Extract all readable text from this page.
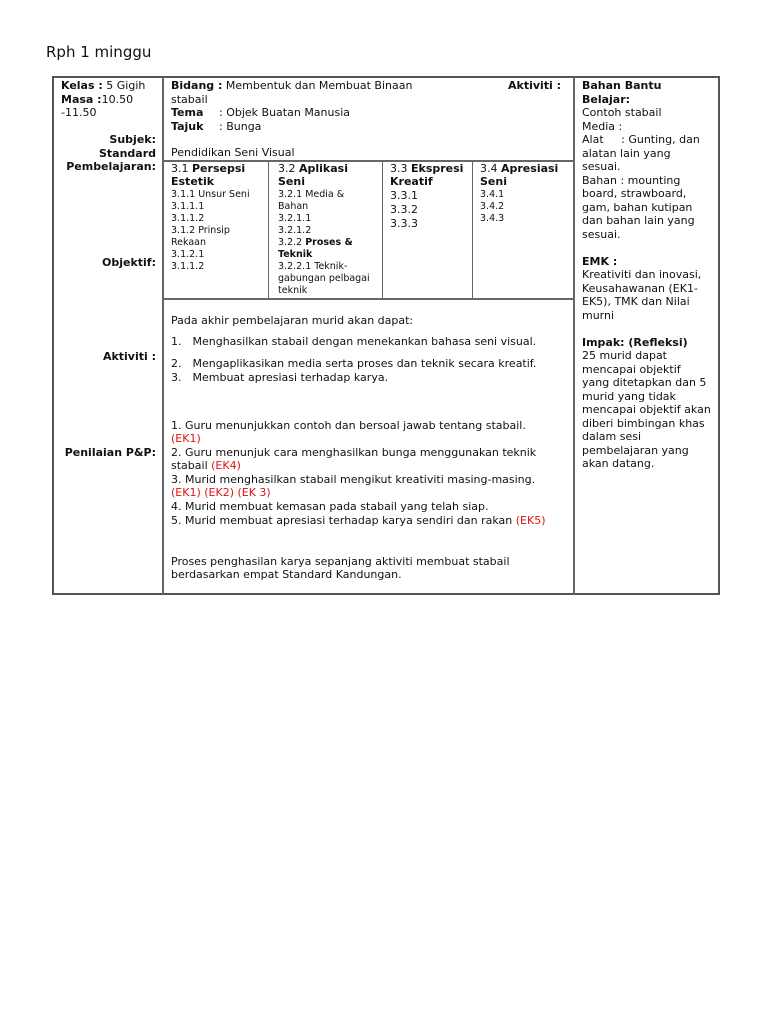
Rph 1 minggu
Kelas : 5 Gigih
Masa :10.50
-11.50
Subjek:
Standard
Pembelajaran:
Objektif:
Aktiviti :
Penilaian P&P:
Bidang : Membentuk dan Membuat Binaan	Aktiviti :
stabail
Tema : Objek Buatan Manusia
Tajuk : Bunga
Pendidikan Seni Visual
3.1 Persepsi
Estetik
3.1.1 Unsur Seni
3.1.1.1
3.1.1.2
3.1.2 Prinsip
Rekaan
3.1.2.1
3.1.1.2
3.2 Aplikasi
Seni
3.2.1 Media &
Bahan
3.2.1.1
3.2.1.2
3.2.2 Proses &
Teknik
3.2.2.1 Teknik-
gabungan pelbagai
teknik
3.3 Ekspresi
Kreatif
3.3.1
3.3.2
3.3.3
3.4 Apresiasi
Seni
3.4.1
3.4.2
3.4.3
Pada akhir pembelajaran murid akan dapat:
1. Menghasilkan stabail dengan menekankan bahasa seni visual.
2. Mengaplikasikan media serta proses dan teknik secara kreatif.
3. Membuat apresiasi terhadap karya.
1. Guru menunjukkan contoh dan bersoal jawab tentang stabail.
(EK1)
2. Guru menunjuk cara menghasilkan bunga menggunakan teknik
stabail (EK4)
3. Murid menghasilkan stabail mengikut kreativiti masing-masing.
(EK1) (EK2) (EK 3)
4. Murid membuat kemasan pada stabail yang telah siap.
5. Murid membuat apresiasi terhadap karya sendiri dan rakan (EK5)
Proses penghasilan karya sepanjang aktiviti membuat stabail
berdasarkan empat Standard Kandungan.
Bahan Bantu
Belajar:
Contoh stabail
Media :
Alat     : Gunting, dan
alatan lain yang
sesuai.
Bahan : mounting
board, strawboard,
gam, bahan kutipan
dan bahan lain yang
sesuai.
EMK :
Kreativiti dan inovasi,
Keusahawanan (EK1-
EK5), TMK dan Nilai
murni
Impak: (Refleksi)
25 murid dapat
mencapai objektif
yang ditetapkan dan 5
murid yang tidak
mencapai objektif akan
diberi bimbingan khas
dalam sesi
pembelajaran yang
akan datang.
